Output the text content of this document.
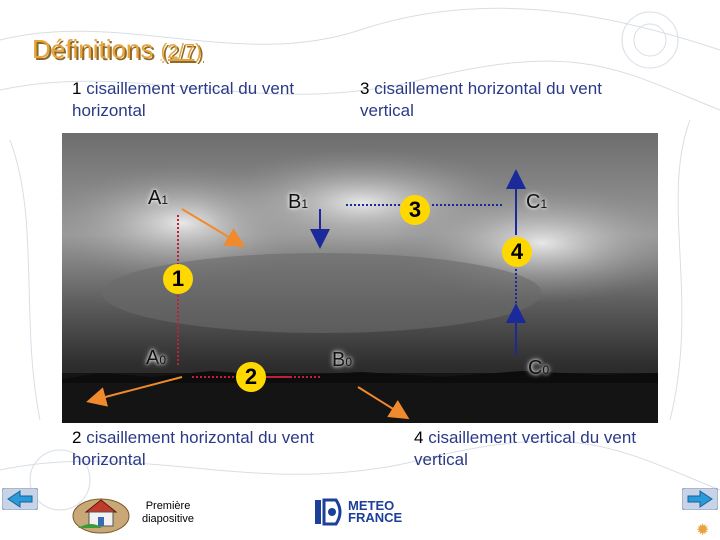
Définitions (2/7)
1 cisaillement vertical du vent horizontal
3 cisaillement horizontal du vent vertical
2 cisaillement horizontal du vent horizontal
4 cisaillement vertical du vent vertical
A1
A0
B1
B0
C1
C0
1
2
3
4
Première diapositive
METEO
FRANCE
✹
